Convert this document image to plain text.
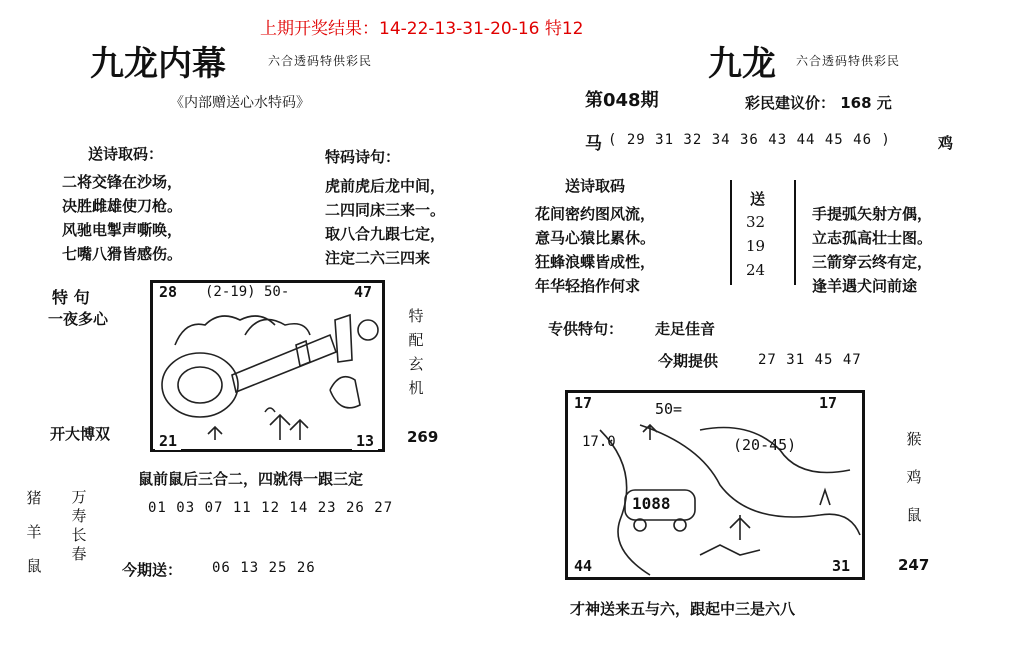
上期开奖结果：14-22-13-31-20-16 特12
九龙内幕	六合透码特供彩民
《内部赠送心水特码》
送诗取码：
二将交锋在沙场，
决胜雌雄使刀枪。
风驰电掣声嘶唤，
七嘴八猾皆感伤。
特码诗句：
虎前虎后龙中间，
二四同床三来一。
取八合九跟七定，
注定二六三四来
特 句
一夜多心
开大博双
28	47
21	13
(2-19) 50-
特配玄机
269
鼠前鼠后三合二，四就得一跟三定
01 03 07 11 12 14 23 26 27
猪
羊
鼠
万寿长春
今期送： 06 13 25 26
九龙 六合透码特供彩民
第048期	彩民建议价： 168 元
马 ( 29 31 32 34 36 43 44 45 46 )	鸡
送诗取码
花间密约图风流，
意马心猿比累休。
狂蜂浪蝶皆成性，
年华轻掐作何求
送
32
19
24
手提弧矢射方偶，
立志孤高壮士图。
三箭穿云终有定，
逢羊遇犬问前途
专供特句： 走足佳音
今期提供	27 31 45 47
17	17
44	31
50=
(20-45)
17.0
1088
猴
鸡
鼠
247
才神送来五与六，跟起中三是六八
